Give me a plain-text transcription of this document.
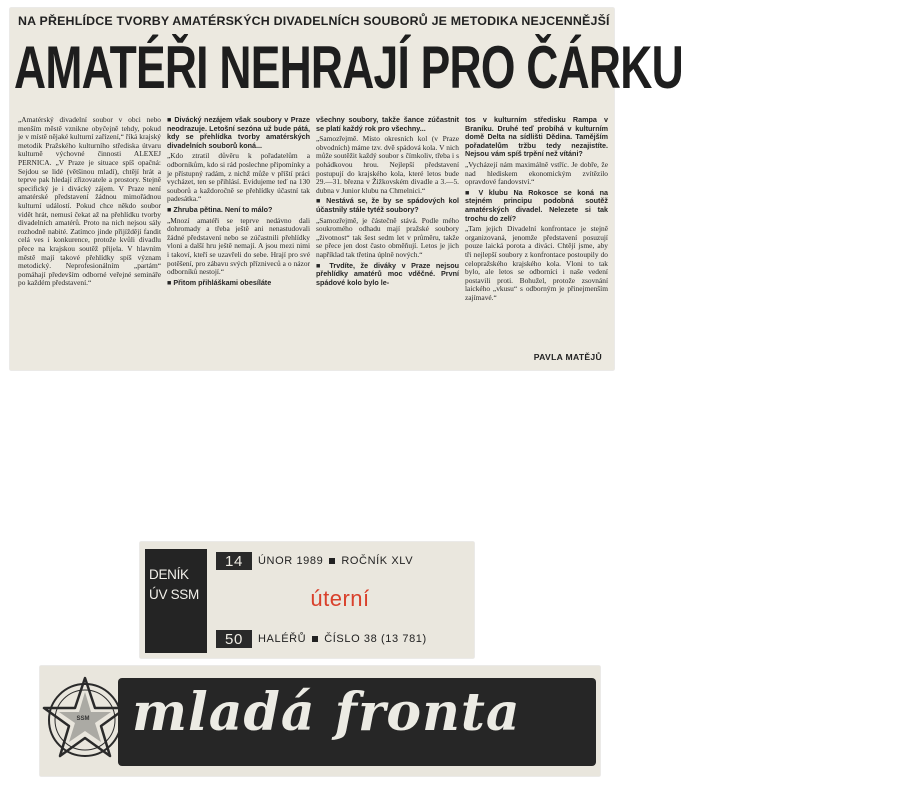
NA PŘEHLÍDCE TVORBY AMATÉRSKÝCH DIVADELNÍCH SOUBORŮ JE METODIKA NEJCENNĚJŠÍ
AMATÉŘI NEHRAJÍ PRO ČÁRKU

„Amatérský divadelní soubor v obci nebo menším městě vznikne obyčejně tehdy, pokud je v místě nějaké kulturní zařízení,“ říká krajský metodik Pražského kulturního střediska útvaru kulturně výchovné činnosti ALEXEJ PERNICA. „V Praze je situace spíš opačná: Sejdou se lidé (většinou mladí), chtějí hrát a teprve pak hledají zřizovatele a prostory. Stejně specifický je i divácký zájem. V Praze není amatérské představení žádnou mimořádnou kulturní událostí. Pokud chce někdo soubor vidět hrát, nemusí čekat až na přehlídku tvorby divadelních amatérů. Proto na nich nejsou sály rozhodně nabité. Zatímco jinde přijíždějí fandit celá ves i konkurence, protože kvůli divadlu přece na krajskou soutěž přijela. V hlavním městě mají takové přehlídky spíš význam metodický. Neprofesionálním „partám“ pomáhají především odborné veřejné semináře po každém představení.“

■ Divácký nezájem však soubory v Praze neodrazuje. Letošní sezóna už bude pátá, kdy se přehlídka tvorby amatérských divadelních souborů koná...

„Kdo ztratil důvěru k pořadatelům a odborníkům, kdo si rád poslechne připomínky a je přístupný radám, z nichž může v příští práci vycházet, ten se přihlásí. Evidujeme teď na 130 souborů a každoročně se přehlídky účastní tak padesátka.“

■ Zhruba pětina. Není to málo?

„Mnozí amatéři se teprve nedávno dali dohromady a třeba ještě ani nenastudovali žádné představení nebo se zúčastnili přehlídky vloni a další hru ještě nemají. A jsou mezi nimi i takoví, kteří se uzavřeli do sebe. Hrají pro své potěšení, pro zábavu svých přízniveců a o názor odborníků nestojí.“

■ Přitom přihláškami obesíláte

všechny soubory, takže šance zúčastnit se platí každý rok pro všechny...

„Samozřejmě. Místo okresních kol (v Praze obvodních) máme tzv. dvě spádová kola. V nich může soutěžit každý soubor s čímkoliv, třeba i s pohádkovou hrou. Nejlepší představení postupují do krajského kola, které letos bude 29.—31. března v Žižkovském divadle a 3.—5. dubna v Junior klubu na Chmelnici.“

■ Nestává se, že by se spádových kol účastnily stále tytéž soubory?

„Samozřejmě, je částečně stává. Podle mého soukromého odhadu mají pražské soubory „životnost“ tak šest sedm let v průměru, takže se přece jen dost často obměňují. Letos je jich například tak třetina úplně nových.“

■ Trvdíte, že diváky v Praze nejsou přehlídky amatérů moc vděčné. První spádové kolo bylo le-

tos v kulturním středisku Rampa v Braníku. Druhé teď probíhá v kulturním domě Delta na sídlišti Dědina. Tamějším pořadatelům tržbu tedy nezajistíte. Nejsou vám spíš trpění než vítáni?

„Vycházejí nám maximálně vstříc. Je dobře, že nad hlediskem ekonomickým zvítězilo opravdové fandovství.“

■ V klubu Na Rokosce se koná na stejném principu podobná soutěž amatérských divadel. Nelezete si tak trochu do zelí?

„Tam jejich Divadelní konfrontace je stejně organizovaná, jenomže představení posuzují pouze laická porota a diváci. Chtějí jsme, aby tři nejlepší soubory z konfrontace postoupily do celopražského krajského kola. Vloni to tak bylo, ale letos se odborníci i naše vedení postavili proti. Bohužel, protože zsovnání laického „vkusu“ s odborným je přinejmenším zajímavé.“

PAVLA MATĚJŮ
DENÍK
ÚV SSM
14	ÚNOR 1989 ROČNÍK XLV
úterní
50	HALÉŘŮ ČÍSLO 38 (13 781)
SSM mladá fronta
